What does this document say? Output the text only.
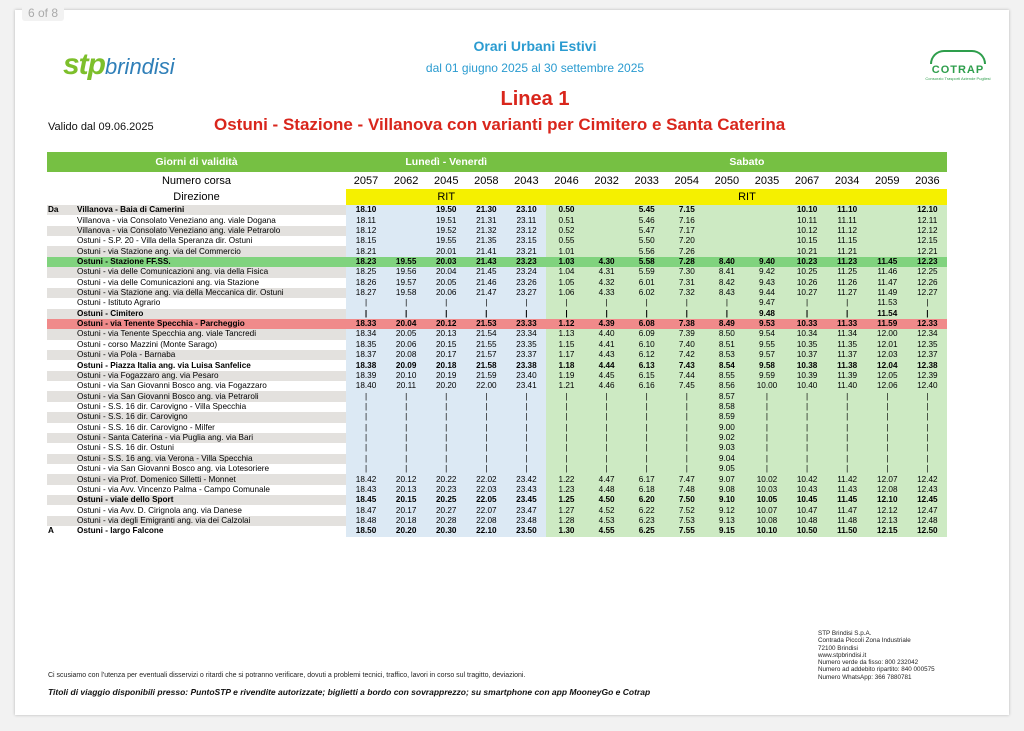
stpbrindisi	COTRAP
Consorzio Trasporti Aziende Pugliesi
Orari Urbani Estivi
dal 01 giugno 2025 al 30 settembre 2025
Linea 1
Ostuni - Stazione - Villanova con varianti per Cimitero e Santa Caterina
Valido dal 09.06.2025
Ci scusiamo con l'utenza per eventuali disservizi o ritardi che si potranno verificare, dovuti a problemi tecnici, traffico, lavori in corso sul tragitto, deviazioni.
Titoli di viaggio disponibili presso: PuntoSTP e rivendite autorizzate; biglietti a bordo con sovrapprezzo; su smartphone con app MooneyGo e Cotrap
STP Brindisi S.p.A.
Contrada Piccoli Zona Industriale
72100 Brindisi
www.stpbrindisi.it
Numero verde da fisso: 800 232042
Numero ad addebito ripartito: 840 000575
Numero WhatsApp: 366 7880781
6 of 8
Giorni di validità		Lunedì - Venerdì					Sabato									
Numero corsa		2057	2062	2045	2058	2043	2046	2032	2033	2054	2050	2035	2067	2034	2059	2036
Direzione		RIT					RIT									
Da	Villanova - Baia di Camerini	18.10		19.50	21.30	23.10	0.50		5.45	7.15			10.10	11.10		12.10
	Villanova - via Consolato Veneziano ang. viale Dogana	18.11		19.51	21.31	23.11	0.51		5.46	7.16			10.11	11.11		12.11
	Villanova - via Consolato Veneziano ang. viale Petrarolo	18.12		19.52	21.32	23.12	0.52		5.47	7.17			10.12	11.12		12.12
	Ostuni - S.P. 20 - Villa della Speranza dir. Ostuni	18.15		19.55	21.35	23.15	0.55		5.50	7.20			10.15	11.15		12.15
	Ostuni - via Stazione ang. via del Commercio	18.21		20.01	21.41	23.21	1.01		5.56	7.26			10.21	11.21		12.21
	Ostuni - Stazione FF.SS.	18.23	19.55	20.03	21.43	23.23	1.03	4.30	5.58	7.28	8.40	9.40	10.23	11.23	11.45	12.23
	Ostuni - via delle Comunicazioni ang. via della Fisica	18.25	19.56	20.04	21.45	23.24	1.04	4.31	5.59	7.30	8.41	9.42	10.25	11.25	11.46	12.25
	Ostuni - via delle Comunicazioni ang. via Stazione	18.26	19.57	20.05	21.46	23.26	1.05	4.32	6.01	7.31	8.42	9.43	10.26	11.26	11.47	12.26
	Ostuni - via Stazione ang. via della Meccanica dir. Ostuni	18.27	19.58	20.06	21.47	23.27	1.06	4.33	6.02	7.32	8.43	9.44	10.27	11.27	11.49	12.27
	Ostuni - Istituto Agrario	|	|	|	|	|	|	|	|	|	|	9.47	|	|	11.53	|
	Ostuni - Cimitero	|	|	|	|	|	|	|	|	|	|	9.48	|	|	11.54	|
	Ostuni - via Tenente Specchia - Parcheggio	18.33	20.04	20.12	21.53	23.33	1.12	4.39	6.08	7.38	8.49	9.53	10.33	11.33	11.59	12.33
	Ostuni - via Tenente Specchia ang. viale Tancredi	18.34	20.05	20.13	21.54	23.34	1.13	4.40	6.09	7.39	8.50	9.54	10.34	11.34	12.00	12.34
	Ostuni - corso Mazzini (Monte Sarago)	18.35	20.06	20.15	21.55	23.35	1.15	4.41	6.10	7.40	8.51	9.55	10.35	11.35	12.01	12.35
	Ostuni - via Pola - Barnaba	18.37	20.08	20.17	21.57	23.37	1.17	4.43	6.12	7.42	8.53	9.57	10.37	11.37	12.03	12.37
	Ostuni - Piazza Italia ang. via Luisa Sanfelice	18.38	20.09	20.18	21.58	23.38	1.18	4.44	6.13	7.43	8.54	9.58	10.38	11.38	12.04	12.38
	Ostuni - via Fogazzaro ang. via Pesaro	18.39	20.10	20.19	21.59	23.40	1.19	4.45	6.15	7.44	8.55	9.59	10.39	11.39	12.05	12.39
	Ostuni - via San Giovanni Bosco ang. via Fogazzaro	18.40	20.11	20.20	22.00	23.41	1.21	4.46	6.16	7.45	8.56	10.00	10.40	11.40	12.06	12.40
	Ostuni - via San Giovanni Bosco ang. via Petraroli	|	|	|	|	|	|	|	|	|	8.57	|	|	|	|	|
	Ostuni - S.S. 16 dir. Carovigno - Villa Specchia	|	|	|	|	|	|	|	|	|	8.58	|	|	|	|	|
	Ostuni - S.S. 16 dir. Carovigno	|	|	|	|	|	|	|	|	|	8.59	|	|	|	|	|
	Ostuni - S.S. 16 dir. Carovigno - Milfer	|	|	|	|	|	|	|	|	|	9.00	|	|	|	|	|
	Ostuni - Santa Caterina - via Puglia ang. via Bari	|	|	|	|	|	|	|	|	|	9.02	|	|	|	|	|
	Ostuni - S.S. 16 dir. Ostuni	|	|	|	|	|	|	|	|	|	9.03	|	|	|	|	|
	Ostuni - S.S. 16 ang. via Verona - Villa Specchia	|	|	|	|	|	|	|	|	|	9.04	|	|	|	|	|
	Ostuni - via San Giovanni Bosco ang. via Lotesoriere	|	|	|	|	|	|	|	|	|	9.05	|	|	|	|	|
	Ostuni - via Prof. Domenico Silletti - Monnet	18.42	20.12	20.22	22.02	23.42	1.22	4.47	6.17	7.47	9.07	10.02	10.42	11.42	12.07	12.42
	Ostuni - via Avv. Vincenzo Palma - Campo Comunale	18.43	20.13	20.23	22.03	23.43	1.23	4.48	6.18	7.48	9.08	10.03	10.43	11.43	12.08	12.43
	Ostuni - viale dello Sport	18.45	20.15	20.25	22.05	23.45	1.25	4.50	6.20	7.50	9.10	10.05	10.45	11.45	12.10	12.45
	Ostuni - via Avv. D. Cirignola ang. via Danese	18.47	20.17	20.27	22.07	23.47	1.27	4.52	6.22	7.52	9.12	10.07	10.47	11.47	12.12	12.47
	Ostuni - via degli Emigranti ang. via dei Calzolai	18.48	20.18	20.28	22.08	23.48	1.28	4.53	6.23	7.53	9.13	10.08	10.48	11.48	12.13	12.48
A	Ostuni - largo Falcone	18.50	20.20	20.30	22.10	23.50	1.30	4.55	6.25	7.55	9.15	10.10	10.50	11.50	12.15	12.50
